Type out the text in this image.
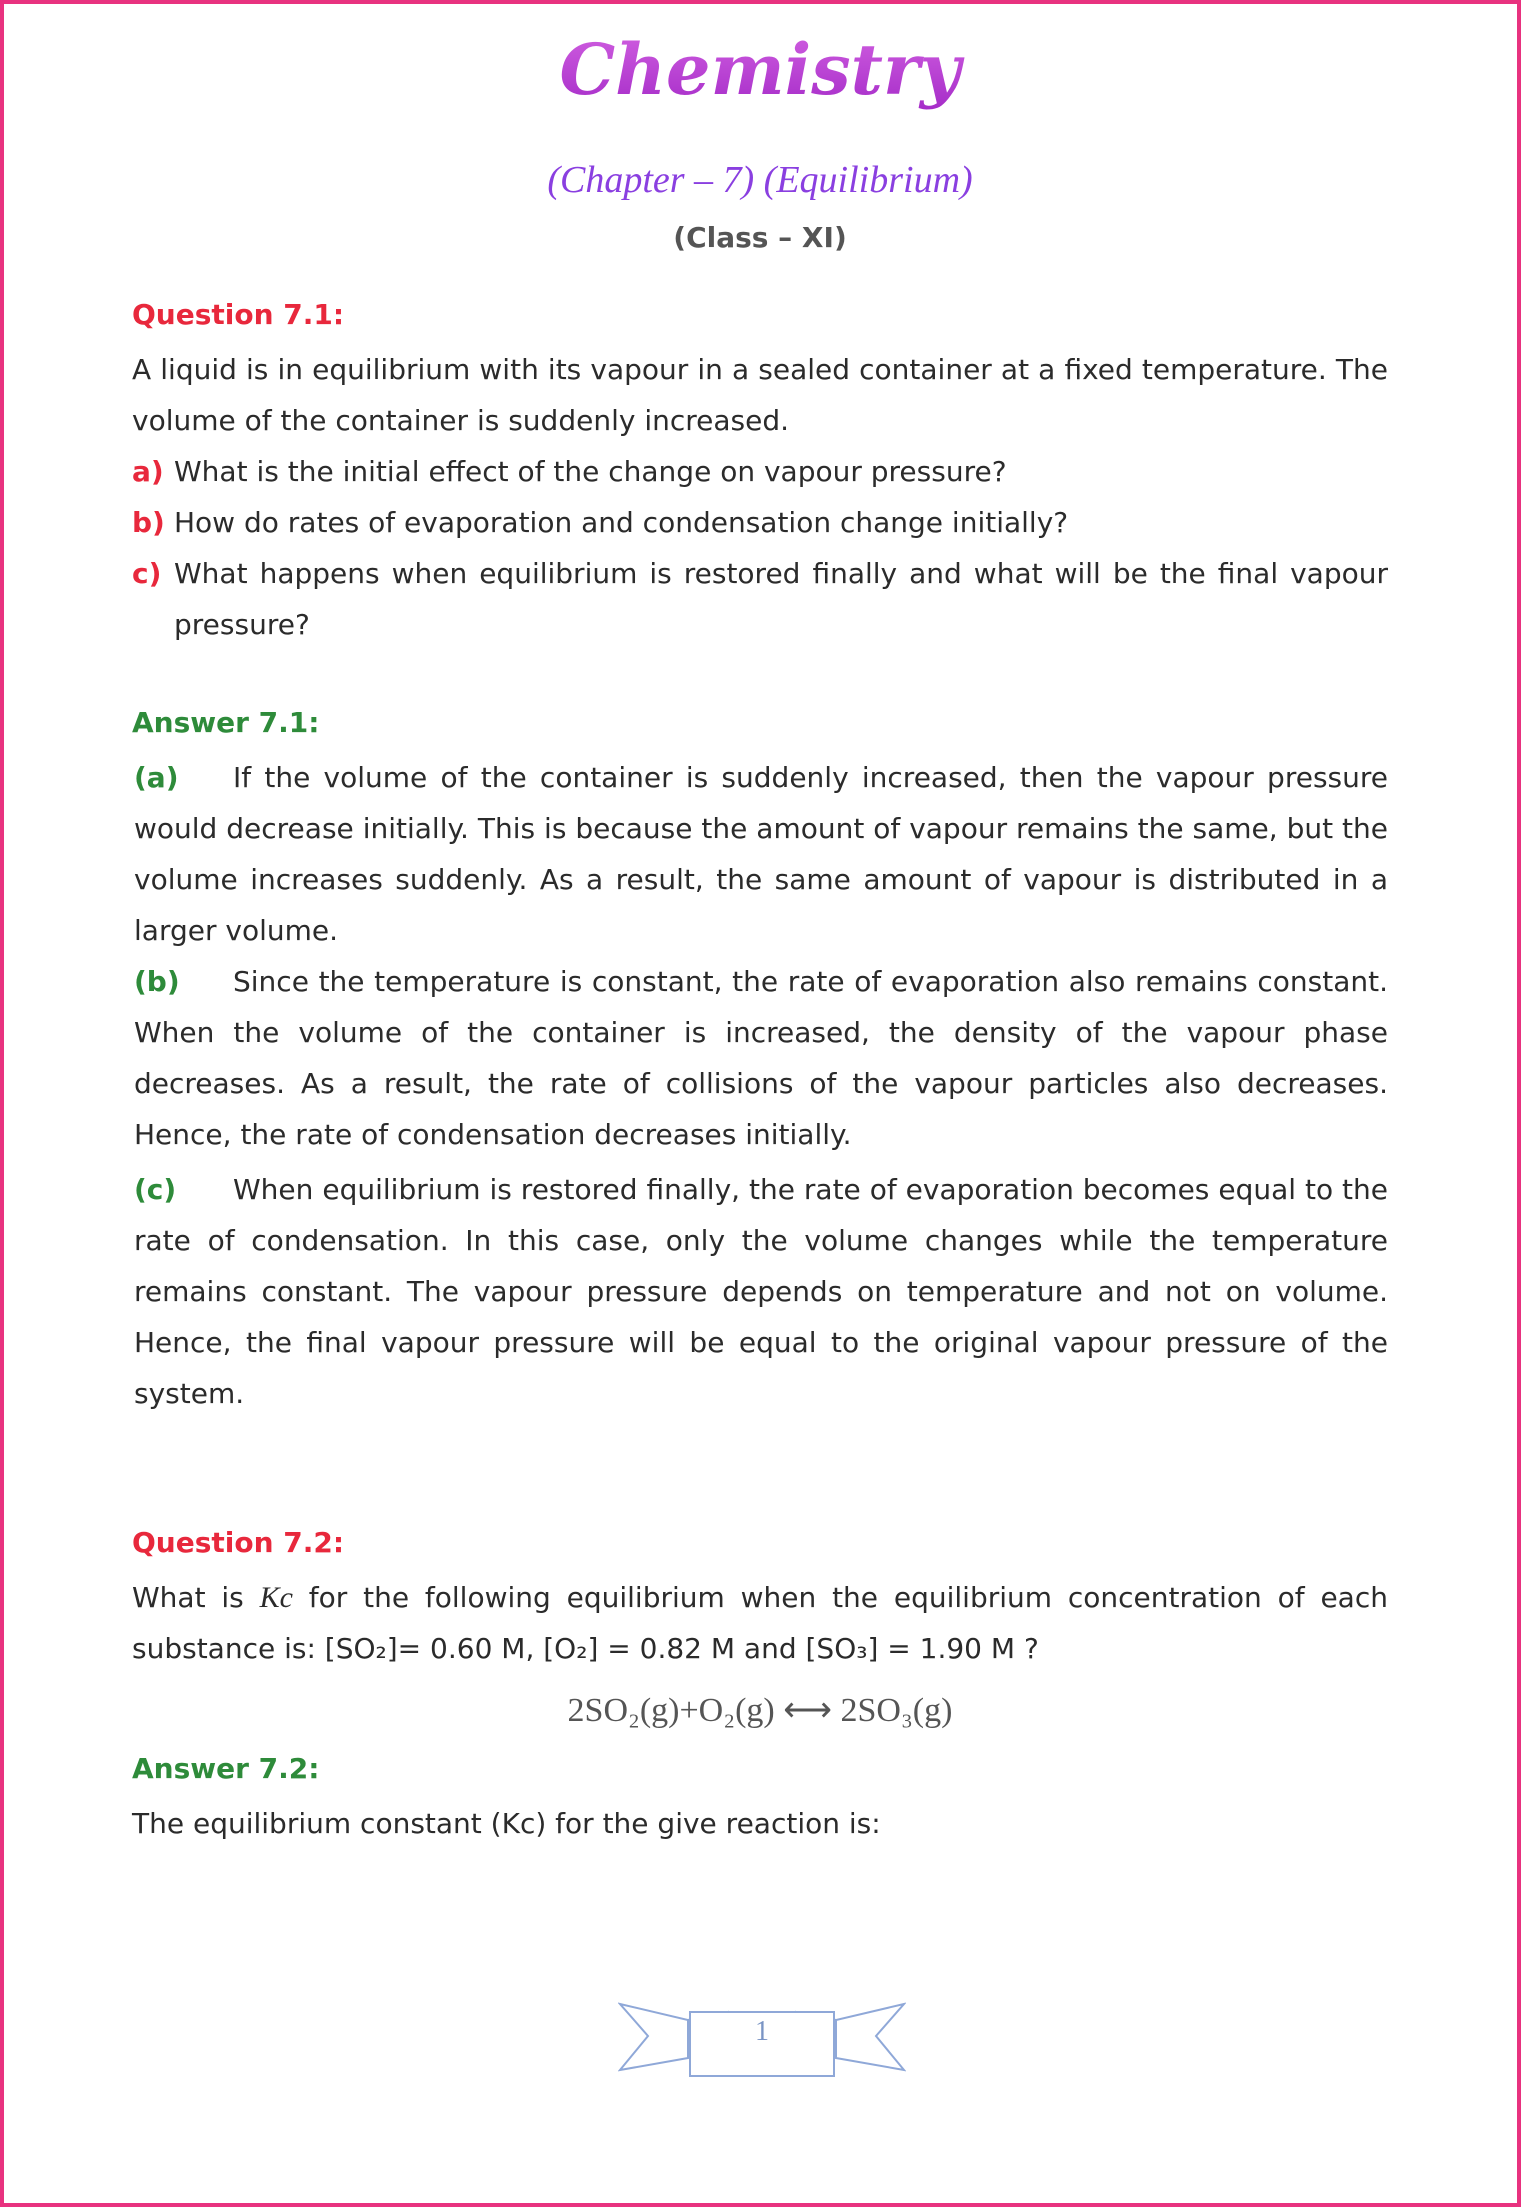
Chemistry
(Chapter – 7) (Equilibrium)
(Class – XI)
Question 7.1:
A liquid is in equilibrium with its vapour in a sealed container at a fixed temperature. The volume of the container is suddenly increased.
a) What is the initial effect of the change on vapour pressure?
b) How do rates of evaporation and condensation change initially?
c) What happens when equilibrium is restored finally and what will be the final vapour pressure?
Answer 7.1:
(a) If the volume of the container is suddenly increased, then the vapour pressure would decrease initially. This is because the amount of vapour remains the same, but the volume increases suddenly. As a result, the same amount of vapour is distributed in a larger volume.
(b) Since the temperature is constant, the rate of evaporation also remains constant. When the volume of the container is increased, the density of the vapour phase decreases. As a result, the rate of collisions of the vapour particles also decreases. Hence, the rate of condensation decreases initially.
(c) When equilibrium is restored finally, the rate of evaporation becomes equal to the rate of condensation. In this case, only the volume changes while the temperature remains constant. The vapour pressure depends on temperature and not on volume. Hence, the final vapour pressure will be equal to the original vapour pressure of the system.
Question 7.2:
What is Kc for the following equilibrium when the equilibrium concentration of each substance is: [SO₂]= 0.60 M, [O₂] = 0.82 M and [SO₃] = 1.90 M ?
2SO₂(g)+O₂(g) ⟷ 2SO₃(g)
Answer 7.2:
The equilibrium constant (Kc) for the give reaction is:
1
